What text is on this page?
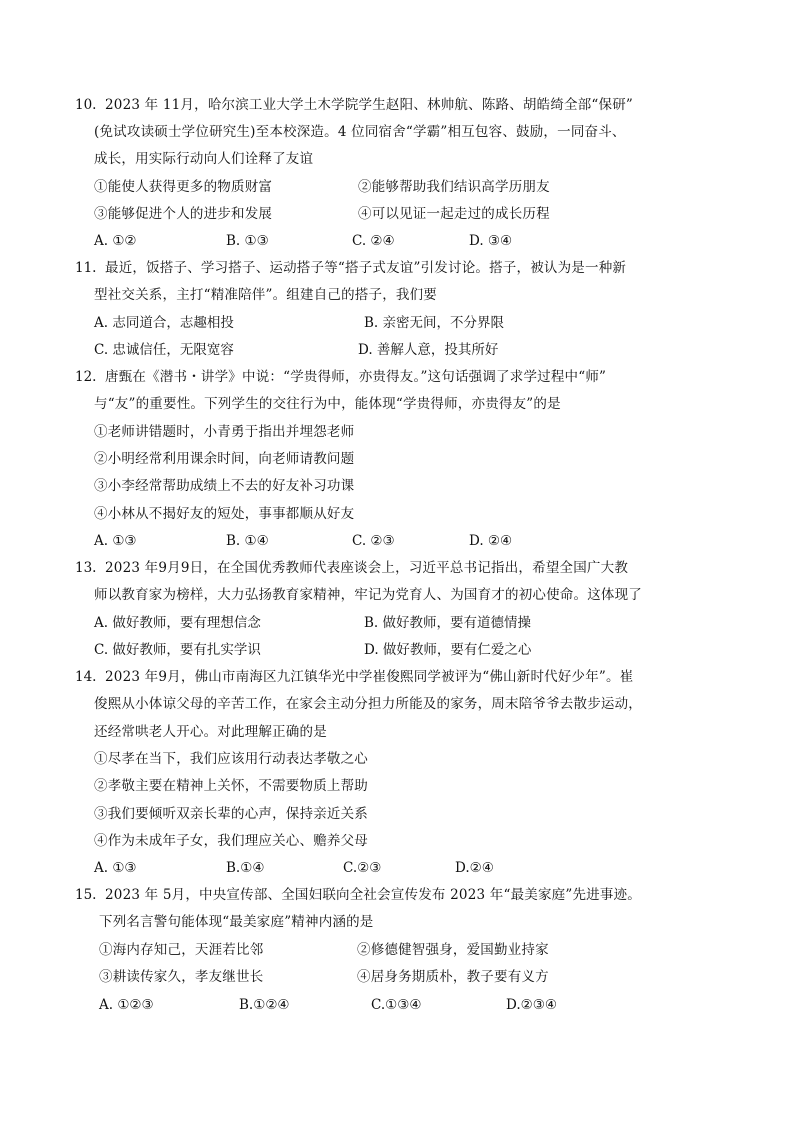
10. 2023 年 11月，哈尔滨工业大学土木学院学生赵阳、林帅航、陈路、胡皓绮全部“保研”
(免试攻读硕士学位研究生)至本校深造。4 位同宿舍“学霸”相互包容、鼓励，一同奋斗、
成长，用实际行动向人们诠释了友谊
①能使人获得更多的物质财富	②能够帮助我们结识高学历朋友
③能够促进个人的进步和发展	④可以见证一起走过的成长历程
A. ①②	B. ①③	C. ②④	D. ③④
11. 最近，饭搭子、学习搭子、运动搭子等“搭子式友谊”引发讨论。搭子，被认为是一种新
型社交关系，主打“精准陪伴”。组建自己的搭子，我们要
A. 志同道合，志趣相投	B. 亲密无间，不分界限
C. 忠诚信任，无限宽容	D. 善解人意，投其所好
12. 唐甄在《潜书・讲学》中说：“学贵得师，亦贵得友。”这句话强调了求学过程中“师”
与“友”的重要性。下列学生的交往行为中，能体现“学贵得师，亦贵得友”的是
①老师讲错题时，小青勇于指出并埋怨老师
②小明经常利用课余时间，向老师请教问题
③小李经常帮助成绩上不去的好友补习功课
④小林从不揭好友的短处，事事都顺从好友
A. ①③	B. ①④	C. ②③	D. ②④
13. 2023 年9月9日，在全国优秀教师代表座谈会上，习近平总书记指出，希望全国广大教
师以教育家为榜样，大力弘扬教育家精神，牢记为党育人、为国育才的初心使命。这体现了
A. 做好教师，要有理想信念	B. 做好教师，要有道德情操
C. 做好教师，要有扎实学识	D. 做好教师，要有仁爱之心
14. 2023 年9月，佛山市南海区九江镇华光中学崔俊熙同学被评为“佛山新时代好少年”。崔
俊熙从小体谅父母的辛苦工作，在家会主动分担力所能及的家务，周末陪爷爷去散步运动，
还经常哄老人开心。对此理解正确的是
①尽孝在当下，我们应该用行动表达孝敬之心
②孝敬主要在精神上关怀，不需要物质上帮助
③我们要倾听双亲长辈的心声，保持亲近关系
④作为未成年子女，我们理应关心、赡养父母
A. ①③	B.①④	C.②③	D.②④
15. 2023 年 5月，中央宣传部、全国妇联向全社会宣传发布 2023 年“最美家庭”先进事迹。
下列名言警句能体现“最美家庭”精神内涵的是
①海内存知己，天涯若比邻	②修德健智强身，爱国勤业持家
③耕读传家久，孝友继世长	④居身务期质朴，教子要有义方
A. ①②③	B.①②④	C.①③④	D.②③④
